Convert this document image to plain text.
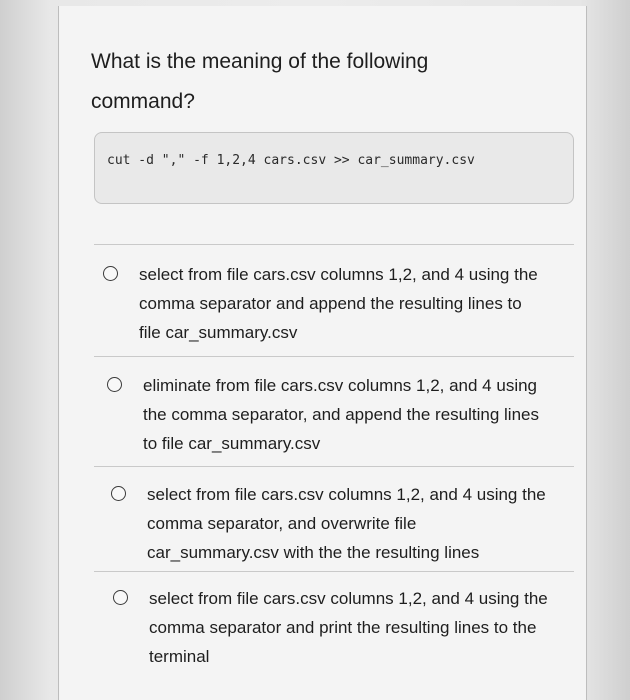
What is the meaning of the following command?
cut -d "," -f 1,2,4 cars.csv >> car_summary.csv
select from file cars.csv columns 1,2, and 4 using the comma separator and append the resulting lines to file car_summary.csv
eliminate from file cars.csv columns 1,2, and 4 using the comma separator, and append the resulting lines to file car_summary.csv
select from file cars.csv columns 1,2, and 4 using the comma separator, and overwrite file car_summary.csv with the the resulting lines
select from file cars.csv columns 1,2, and 4 using the comma separator and print the resulting lines to the terminal
